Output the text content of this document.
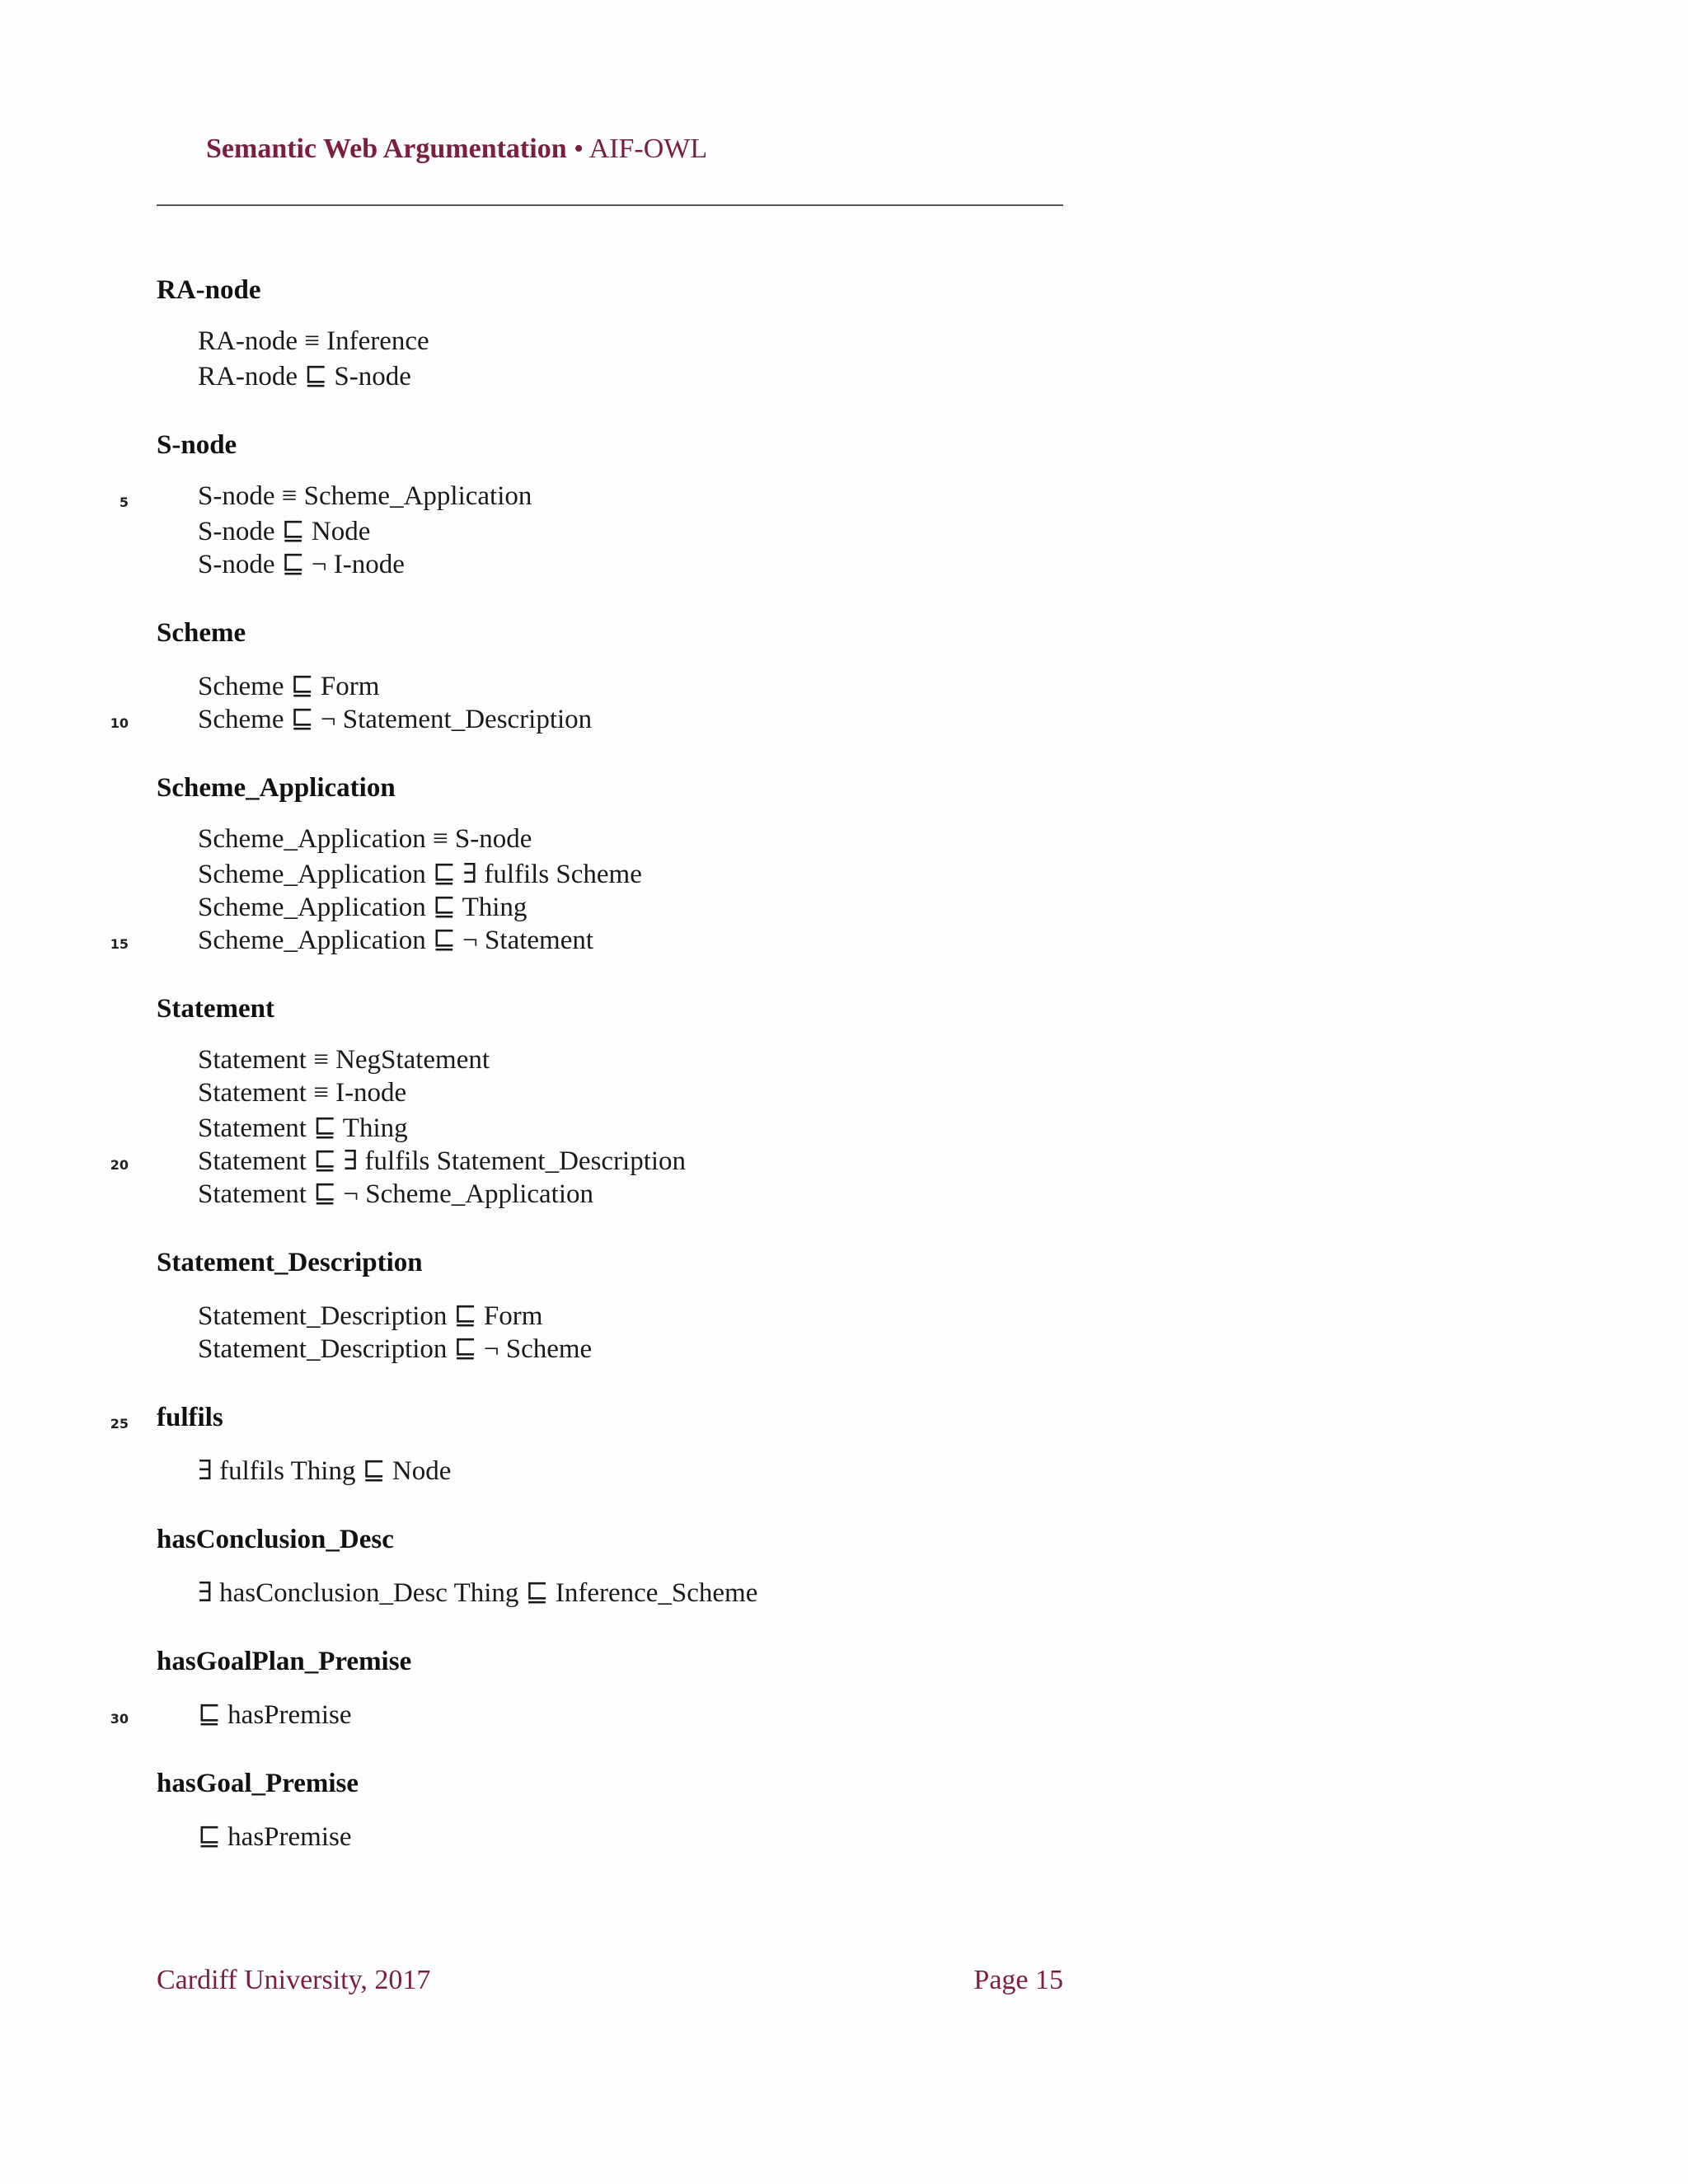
Semantic Web Argumentation • AIF-OWL
RA-node
RA-node ≡ Inference
RA-node ⊑ S-node
S-node
5	S-node ≡ Scheme_Application
S-node ⊑ Node
S-node ⊑ ¬ I-node
Scheme
Scheme ⊑ Form
10	Scheme ⊑ ¬ Statement_Description
Scheme_Application
Scheme_Application ≡ S-node
Scheme_Application ⊑ ∃ fulfils Scheme
Scheme_Application ⊑ Thing
15	Scheme_Application ⊑ ¬ Statement
Statement
Statement ≡ NegStatement
Statement ≡ I-node
Statement ⊑ Thing
20	Statement ⊑ ∃ fulfils Statement_Description
Statement ⊑ ¬ Scheme_Application
Statement_Description
Statement_Description ⊑ Form
Statement_Description ⊑ ¬ Scheme
25 fulfils
∃ fulfils Thing ⊑ Node
hasConclusion_Desc
∃ hasConclusion_Desc Thing ⊑ Inference_Scheme
hasGoalPlan_Premise
30	⊑ hasPremise
hasGoal_Premise
⊑ hasPremise
Cardiff University, 2017	Page 15
